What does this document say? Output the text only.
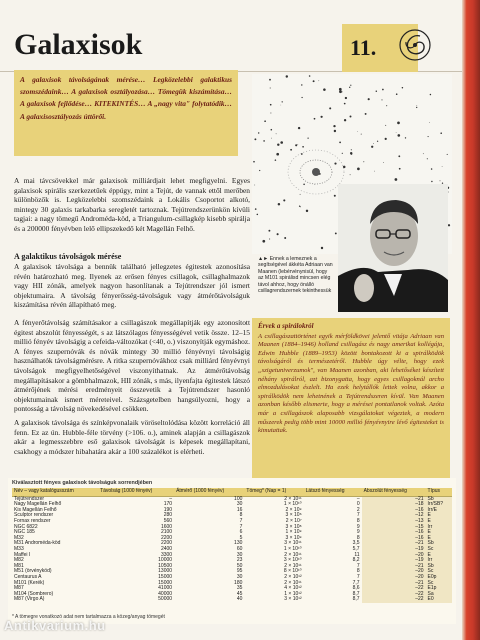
Galaxisok	11.
A galaxisok távolságának mérése… Legközelebbi galaktikus szomszédaink… A galaxisok osztályozása… Tömegük kiszámítása… A galaxisok fejlődése… KITEKINTÉS… A „nagy vita" folytatódik… A galaxisosztályozás úttörői.
▲► Ennek a lemeznek a segítségével ákkéta Adriaan van Maanen (lebérvénynisül, hogy az M101 spirálisd mincsen elég távol ahhoz, hogy önálló csillagrendszernek tekinthessük
A mai távcsövekkel már galaxisok milliárdjait lehet megfigyelni. Egyes galaxisok spirális szerkezetűek éppúgy, mint a Tejút, de vannak ettől merőben különbözők is. Legközelebbi szomszédaink a Lokális Csoportot alkotó, mintegy 30 galaxis tarkabarka seregletét tartoznak. Tejútrendszerünkön kívüli tagjai: a nagy tömegű Androméda-köd, a Triangulum-csillagkép kisebb spirálja és a 200000 fényévben lelő ellipszekedő két Magellán Felhő.
A galaktikus távolságok mérése
A galaxisok távolsága a bennük található jellegzetes égitestek azonosítása révén határozható meg. Ilyenek az erősen fényes csillagok, csillaghalmazok vagy HII zónák, amelyek nagyon hasonlítanak a Tejútrendszer jól ismert objektumaira. A távolság fényerősség-távolságuk vagy átmérőtávolságuk kiszámítása révén állapítható meg.
A fényerőtávolság számításakor a csillagászok megállapítják egy azonosított égitest abszolút fényességét, s az látszólagos fényességével vetik össze. 12–15 millió fényév távolságig a cefeida-változókat (<40, o.) viszonyítják egymáshoz. A fényes szupernóvák és nóvák mintegy 30 millió fényévnyi távolságig használhatók távolságmérésre. A ritka szupernóvákhoz csak milliárd fényévnyi távolságok megfigyelhetőségével viszonyíthatnak. Az átmérőtávolság megállapításakor a gömbhalmazok, HII zónák, s más, ilyenfajta égitestek látszó átmérőjének mérési eredményeit összevetik a Tejútrendszer hasonló objektumainak ismert méreteivel. Százsgetelben hangsúlyozni, hogy a pontosság a távolság növekedésével csökken.
A galaxisok távolsága és színképvonalaik vöröseltolódása között korreláció áll fenn. Ez az ún. Hubble-féle törvény (>106. o.), aminek alapján a csillagászok akár a legmesszebbre eső galaxisok távolságát is képesek megállapítani, csakhogy a módszer hibahatára akár a 100 százalékot is elérheti.
Érvek a spirálokról
A csillagászattörténet egyik mérföldkövei jelentő vitája Adriaan van Maanen (1884–1946) holland csillagász és nagy amerikai kollégája, Edwin Hubble (1889–1953) között bontakozott ki a spirálködök távolságáról és természetéről. Hubble úgy vélte, hogy ezek „szigetuniverzumok", van Maanen azonban, aki lehetőséket készített néhány spirálról, azt bizonygatta, hogy egyes csillagoknál archo elmozdulásokat észlelt. Ha ezek helytállók lettek volna, akkor a spirálködök nem lehetnének a Tejútrendszeren kívül. Van Maanen azonban később elismerte, hogy a mérései pontatlanok voltak. Azóta már a csillagászok alaposabb vizsgálatokat végeztek, a modern műszerek pedig több mint 10000 millió fényévnyire lévő égitesteket is kimutattak.
Kiválasztott fényes galaxisok távolságuk sorrendjében
Név – vagy katalógusszám	Távolság (1000 fényév)	Átmérő (1000 fényév)	Tömeg* (Nap = 1)	Látszó fényesség	Abszolút fényesség	Típus
Tejútrendszer	–	100	2 × 10¹¹	–	–21	Sb
Nagy Magellán Felhő	170	30	1 × 10¹⁰	0	–18	Irr/SB?
Kis Magellán Felhő	190	16	2 × 10⁹	2	–16	Irr/E
Sculptor rendszer	280	8	3 × 10⁶	7	–12	E
Fornax rendszer	560	7	2 × 10⁷	8	–13	E
NGC 6822	1600	7	3 × 10⁸	9	–15	Irr
NGC 185	2100	6	1 × 10⁹	9	–16	E
M32	2200	5	3 × 10⁹	8	–16	E
M31 Androméda-köd	2200	130	3 × 10¹¹	3,5	–21	Sb
M33	2400	60	1 × 10¹⁰	5,7	–19	Sc
Maffei I	3300	30	2 × 10¹¹	11	–20	E
M82	10000	23	3 × 10¹⁰	8,2	–19	Irr
M81	10500	50	2 × 10¹¹	7	–21	Sb
M51 (örvényköd)	13000	95	8 × 10¹⁰	8	–20	Sc
Centaurus A	15000	30	2 × 10¹²	7	–20	E0p
M101 (Kerék)	15000	180	2 × 10¹¹	7,7	–21	Sc
M87	41000	35	4 × 10¹²	8,6	–22	E1p
M104 (Sombrero)	40000	45	1 × 10¹²	8,7	–22	Sa
M87 (Virgo A)	50000	40	3 × 10¹²	8,7	–22	E0
* A tömegre vonatkozó adat nem tartalmazza a közeg/anyag tömegét
Antikvarium.hu
